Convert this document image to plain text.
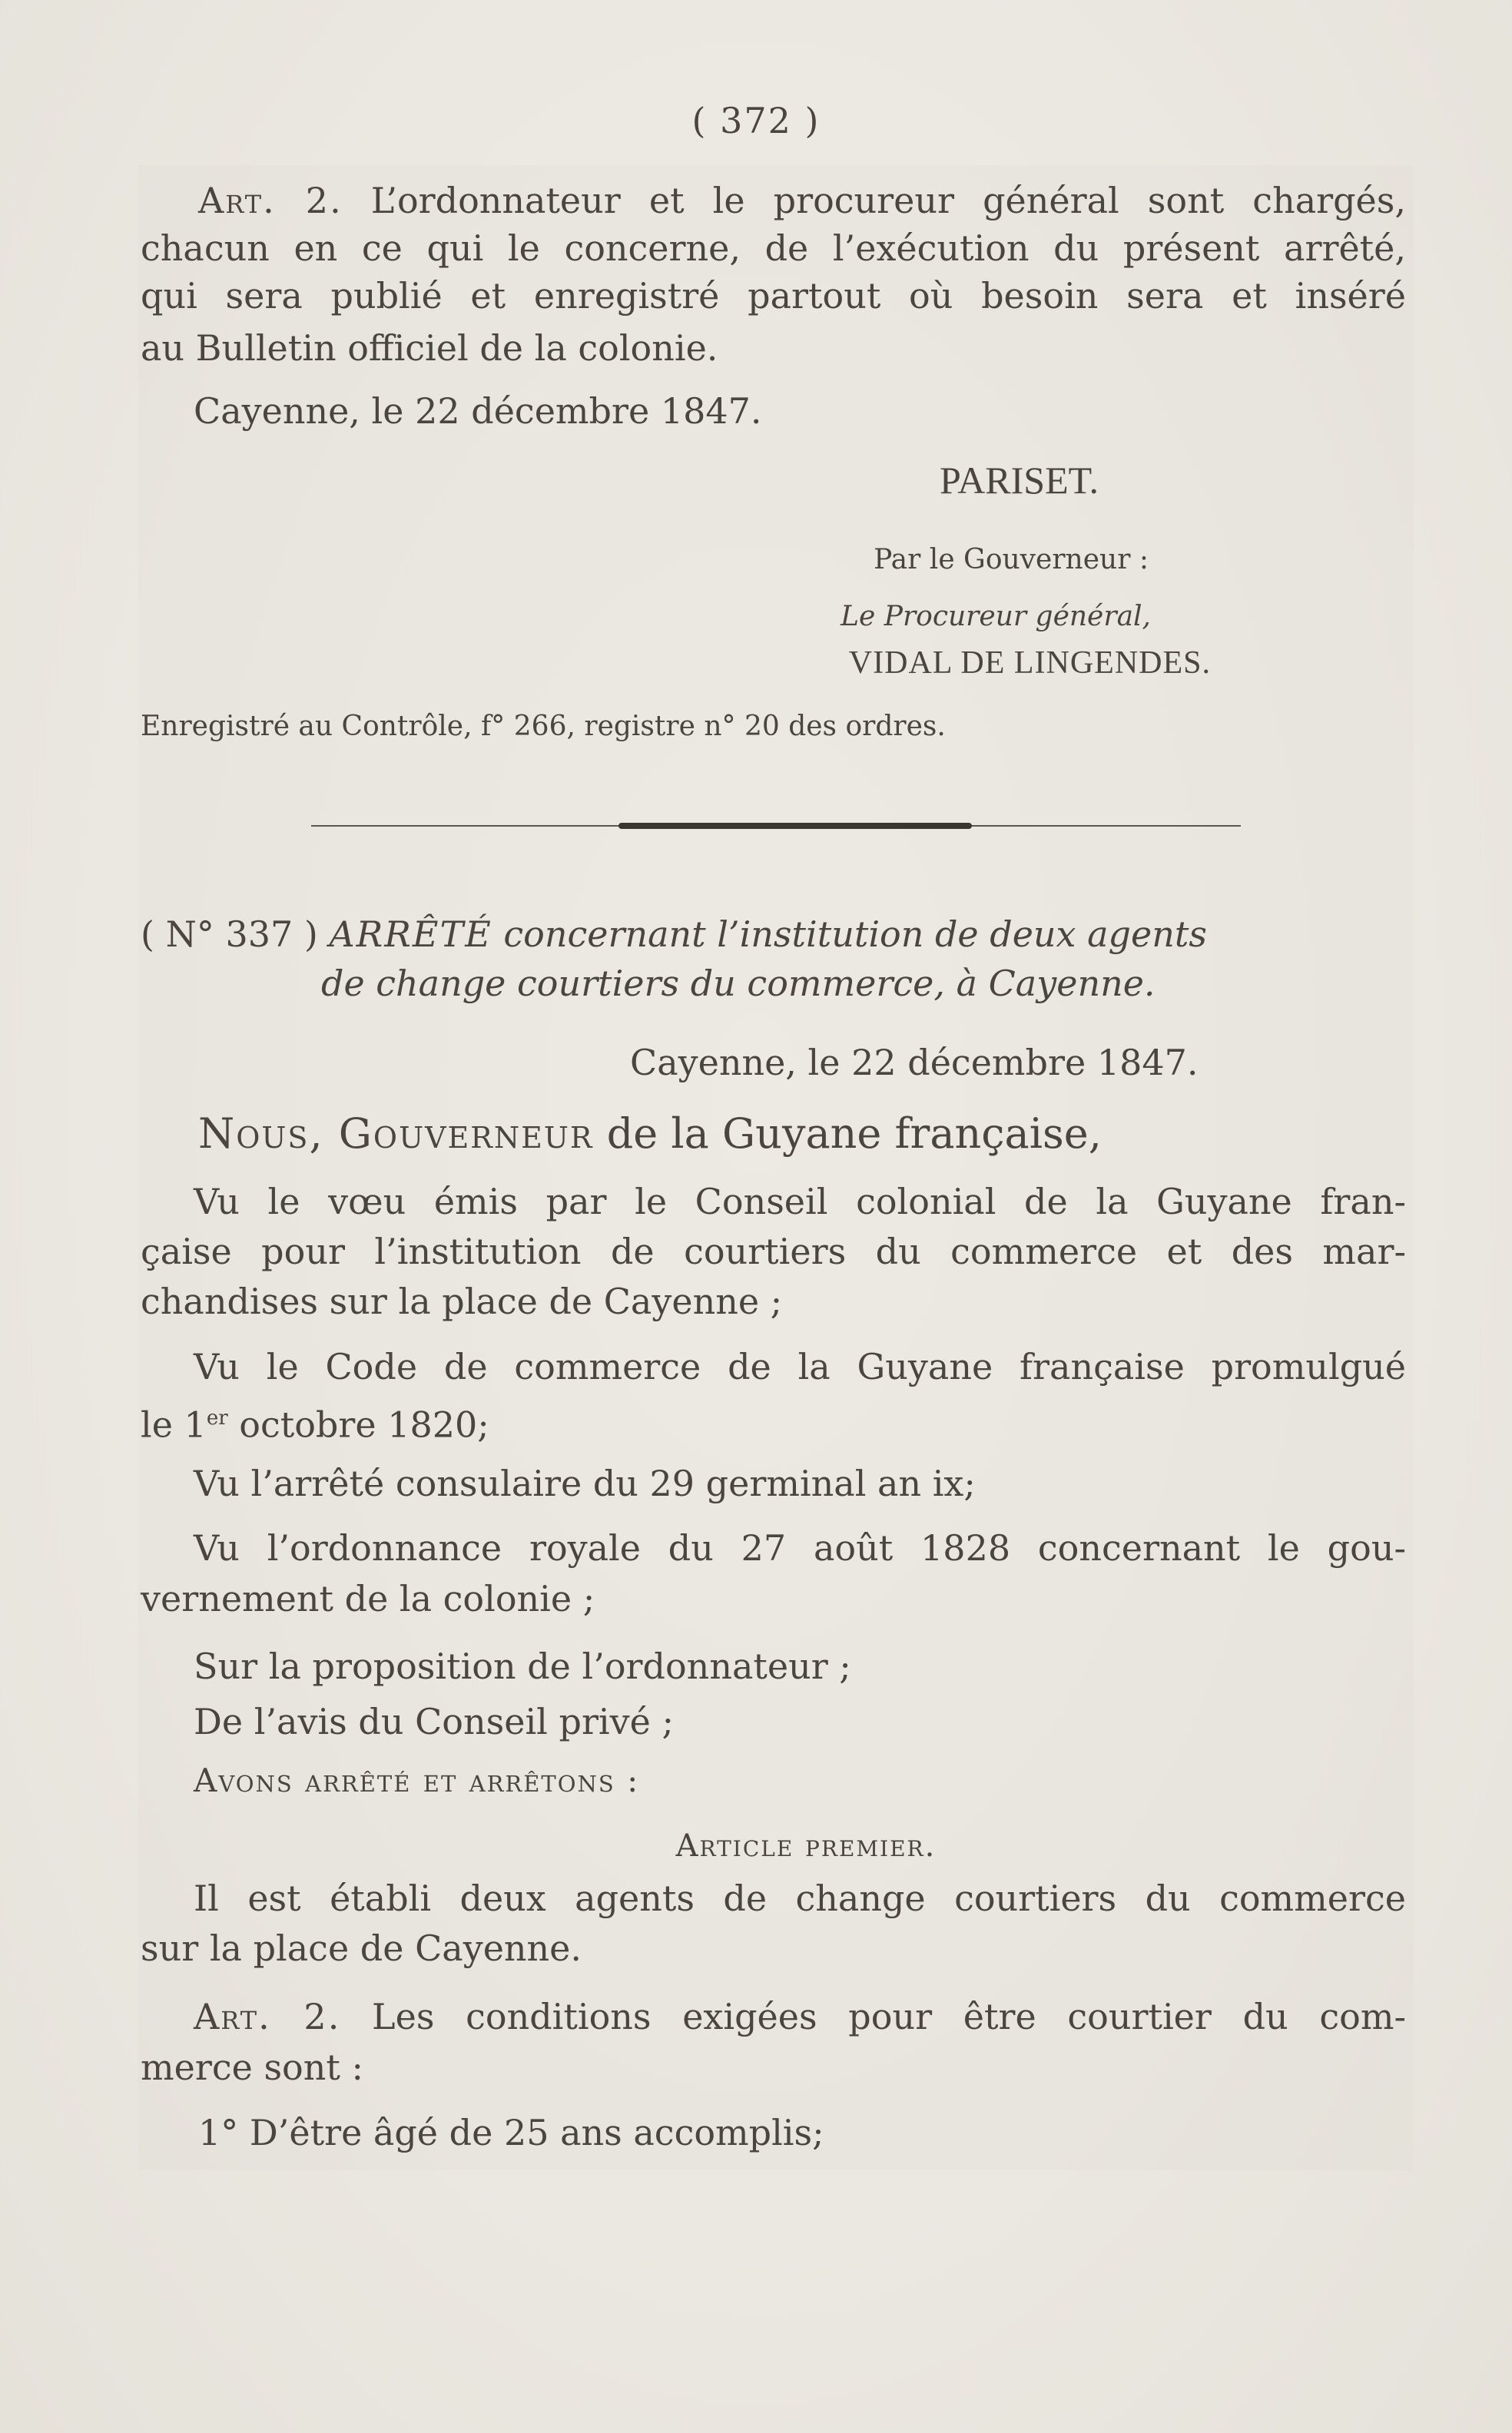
( 372 )
Art. 2. L’ordonnateur et le procureur général sont chargés,
chacun en ce qui le concerne, de l’exécution du présent arrêté,
qui sera publié et enregistré partout où besoin sera et inséré
au Bulletin officiel de la colonie.
Cayenne, le 22 décembre 1847.
PARISET.
Par le Gouverneur :
Le Procureur général,
VIDAL DE LINGENDES.
Enregistré au Contrôle, f° 266, registre n° 20 des ordres.
( N° 337 ) ARRÊTÉ concernant l’institution de deux agents
de change courtiers du commerce, à Cayenne.
Cayenne, le 22 décembre 1847.
Nous, Gouverneur de la Guyane française,
Vu le vœu émis par le Conseil colonial de la Guyane fran-
çaise pour l’institution de courtiers du commerce et des mar-
chandises sur la place de Cayenne ;
Vu le Code de commerce de la Guyane française promulgué
le 1er octobre 1820;
Vu l’arrêté consulaire du 29 germinal an ix;
Vu l’ordonnance royale du 27 août 1828 concernant le gou-
vernement de la colonie ;
Sur la proposition de l’ordonnateur ;
De l’avis du Conseil privé ;
Avons arrêté et arrêtons :
Article premier.
Il est établi deux agents de change courtiers du commerce
sur la place de Cayenne.
Art. 2. Les conditions exigées pour être courtier du com-
merce sont :
1° D’être âgé de 25 ans accomplis;
